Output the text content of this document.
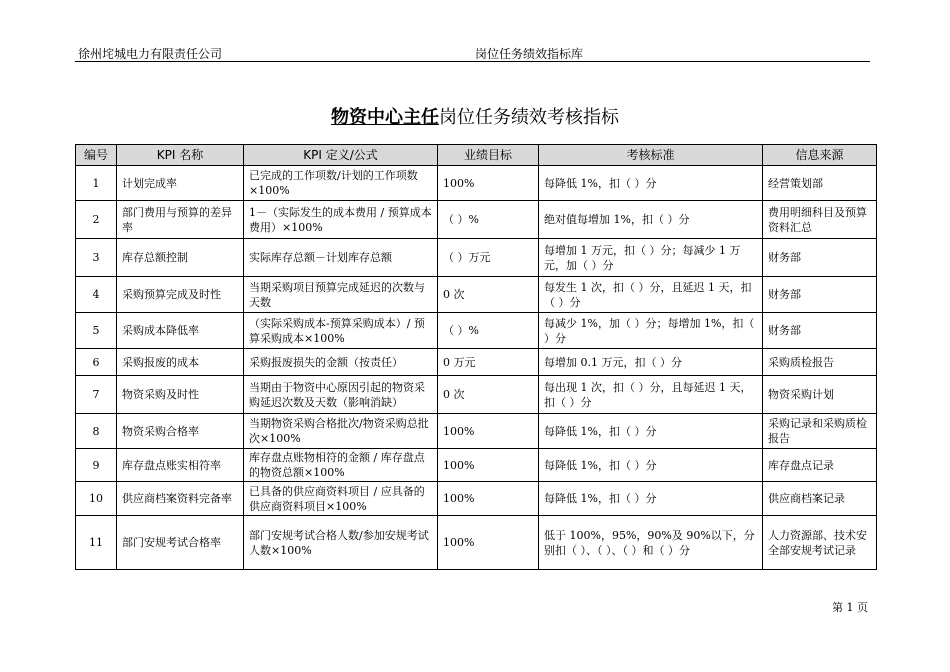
徐州垞城电力有限责任公司	岗位任务绩效指标库
物资中心主任岗位任务绩效考核指标
编号	KPI 名称	KPI 定义/公式	业绩目标	考核标准	信息来源
1	计划完成率	已完成的工作项数/计划的工作项数×100%	100%	每降低 1%，扣（ ）分	经营策划部
2	部门费用与预算的差异率	1－（实际发生的成本费用 / 预算成本费用）×100%	（ ）%	绝对值每增加 1%，扣（ ）分	费用明细科目及预算资料汇总
3	库存总额控制	实际库存总额－计划库存总额	（ ）万元	每增加 1 万元，扣（ ）分；每减少 1 万元，加（ ）分	财务部
4	采购预算完成及时性	当期采购项目预算完成延迟的次数与天数	0 次	每发生 1 次，扣（ ）分，且延迟 1 天，扣（ ）分	财务部
5	采购成本降低率	（实际采购成本-预算采购成本）/ 预算采购成本×100%	（ ）%	每减少 1%，加（ ）分；每增加 1%，扣（ ）分	财务部
6	采购报废的成本	采购报废损失的金额（按责任）	0 万元	每增加 0.1 万元，扣（ ）分	采购质检报告
7	物资采购及时性	当期由于物资中心原因引起的物资采购延迟次数及天数（影响消缺）	0 次	每出现 1 次，扣（ ）分，且每延迟 1 天，扣（ ）分	物资采购计划
8	物资采购合格率	当期物资采购合格批次/物资采购总批次×100%	100%	每降低 1%，扣（ ）分	采购记录和采购质检报告
9	库存盘点账实相符率	库存盘点账物相符的金额 / 库存盘点的物资总额×100%	100%	每降低 1%，扣（ ）分	库存盘点记录
10	供应商档案资料完备率	已具备的供应商资料项目 / 应具备的供应商资料项目×100%	100%	每降低 1%，扣（ ）分	供应商档案记录
11	部门安规考试合格率	部门安规考试合格人数/参加安规考试人数×100%	100%	低于 100%，95%，90%及 90%以下，分别扣（ ）、（ ）、（ ）和（ ）分	人力资源部、技术安全部安规考试记录
第 1 页
